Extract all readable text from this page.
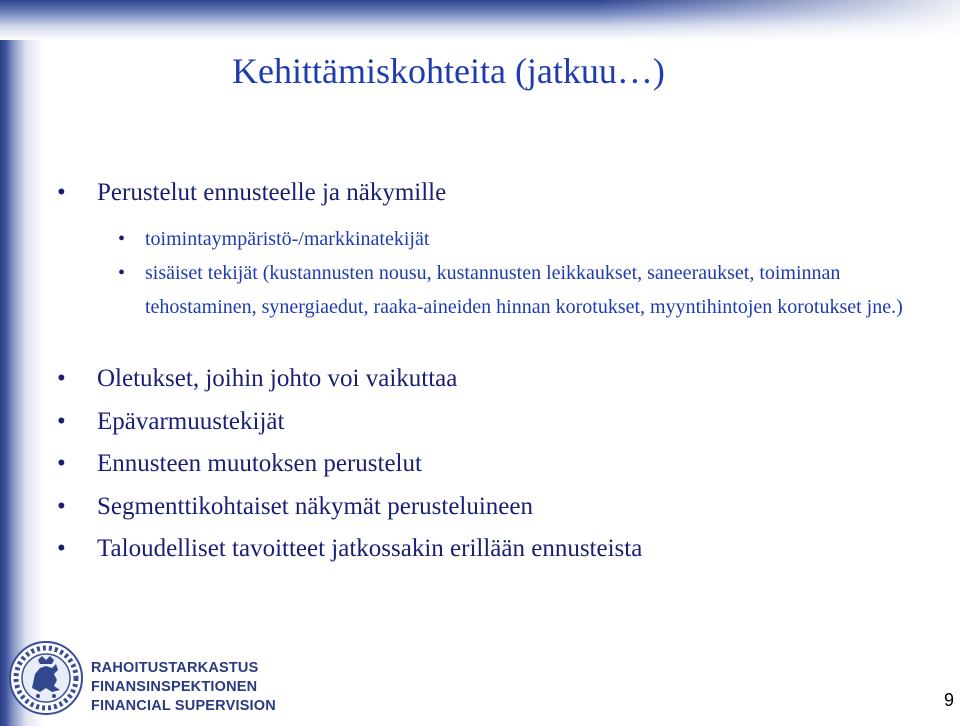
Kehittämiskohteita (jatkuu…)
• Perustelut ennusteelle ja näkymille
• toimintaympäristö-/markkinatekijät
• sisäiset tekijät (kustannusten nousu, kustannusten leikkaukset, saneeraukset, toiminnan tehostaminen, synergiaedut, raaka-aineiden hinnan korotukset, myyntihintojen korotukset jne.)
• Oletukset, joihin johto voi vaikuttaa
• Epävarmuustekijät
• Ennusteen muutoksen perustelut
• Segmenttikohtaiset näkymät perusteluineen
• Taloudelliset tavoitteet jatkossakin erillään ennusteista
RAHOITUSTARKASTUS
FINANSINSPEKTIONEN
FINANCIAL SUPERVISION	9
